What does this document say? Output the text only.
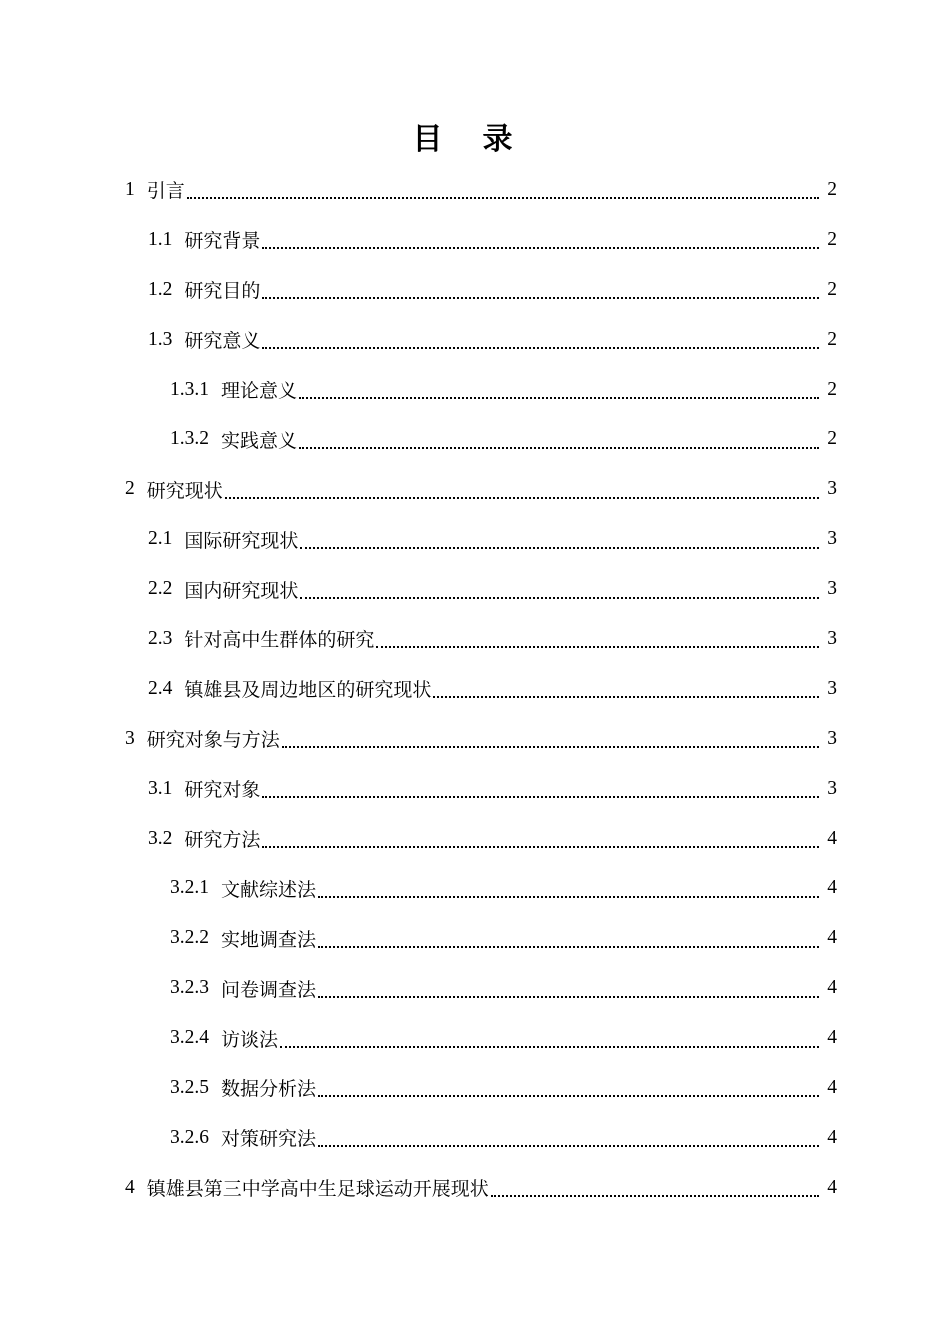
目录
1 引言	2
1.1 研究背景	2
1.2 研究目的	2
1.3 研究意义	2
1.3.1 理论意义	2
1.3.2 实践意义	2
2 研究现状	3
2.1 国际研究现状	3
2.2 国内研究现状	3
2.3 针对高中生群体的研究	3
2.4 镇雄县及周边地区的研究现状	3
3 研究对象与方法	3
3.1 研究对象	3
3.2 研究方法	4
3.2.1 文献综述法	4
3.2.2 实地调查法	4
3.2.3 问卷调查法	4
3.2.4 访谈法	4
3.2.5 数据分析法	4
3.2.6 对策研究法	4
4 镇雄县第三中学高中生足球运动开展现状	4
